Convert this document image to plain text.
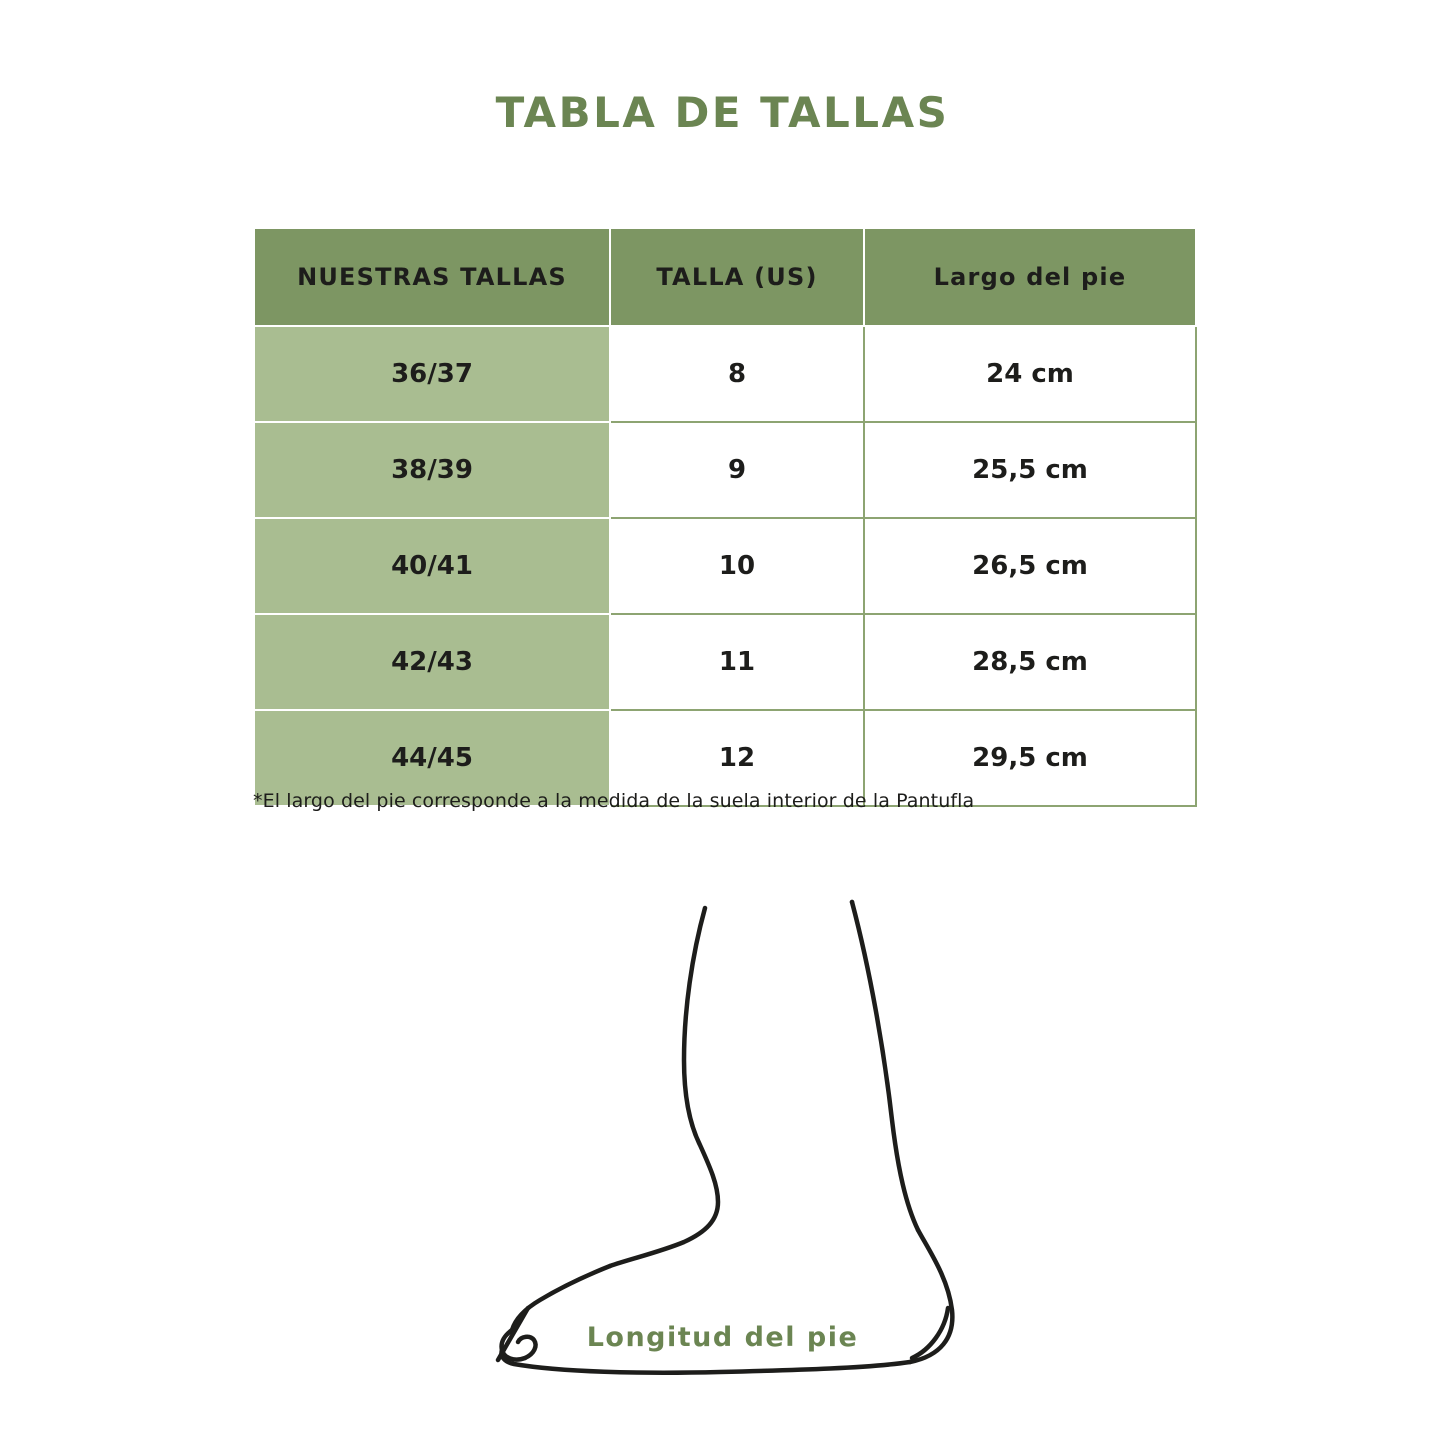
TABLA DE TALLAS
NUESTRAS TALLAS	TALLA (US)	Largo del pie
36/37	8	24 cm
38/39	9	25,5 cm
40/41	10	26,5 cm
42/43	11	28,5 cm
44/45	12	29,5 cm
*El largo del pie corresponde a la medida de la suela interior de la Pantufla
Longitud del pie
